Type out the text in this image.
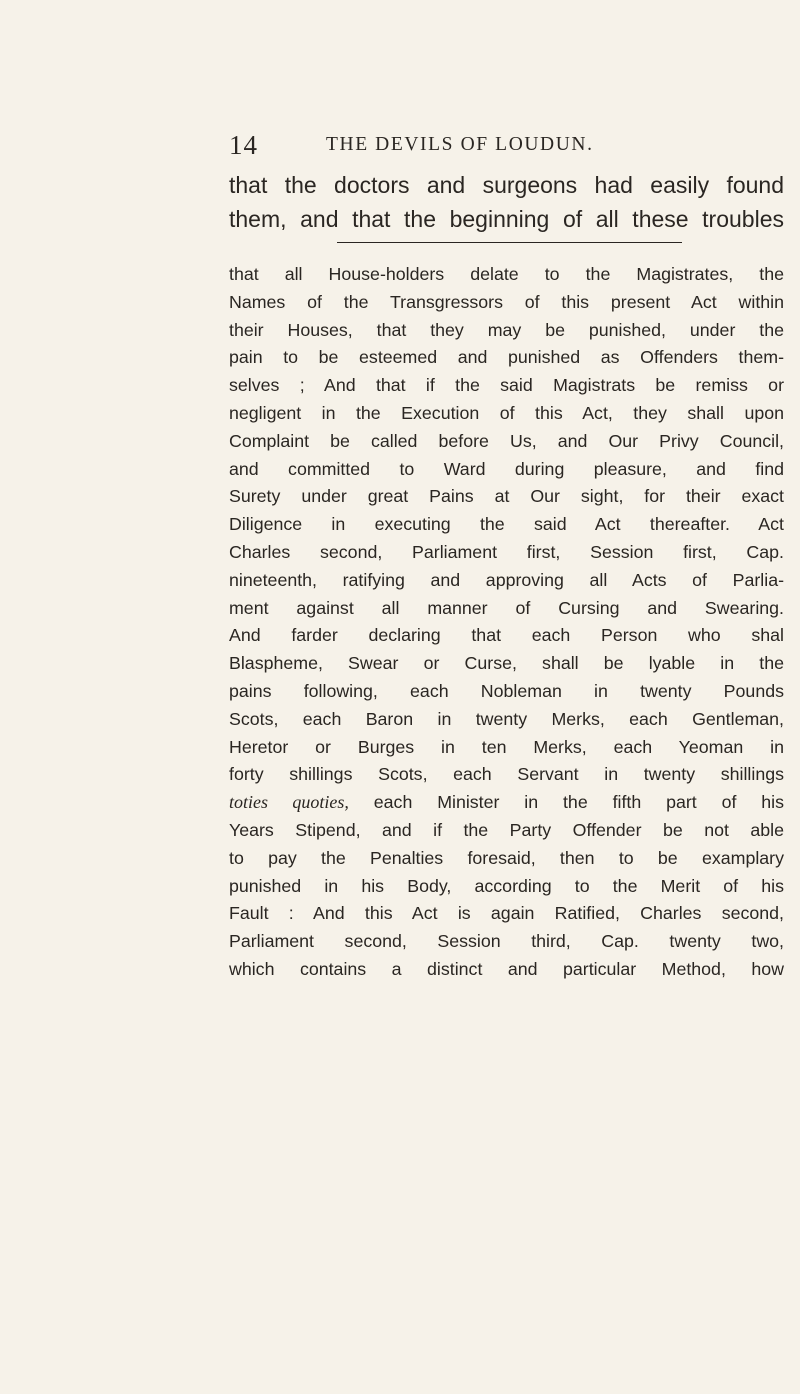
14	THE DEVILS OF LOUDUN.
that the doctors and surgeons had easily found
them, and that the beginning of all these troubles
that all House-holders delate to the Magistrates, the
Names of the Transgressors of this present Act within
their Houses, that they may be punished, under the
pain to be esteemed and punished as Offenders them-
selves ; And that if the said Magistrats be remiss or
negligent in the Execution of this Act, they shall upon
Complaint be called before Us, and Our Privy Council,
and committed to Ward during pleasure, and find
Surety under great Pains at Our sight, for their exact
Diligence in executing the said Act thereafter. Act
Charles second, Parliament first, Session first, Cap.
nineteenth, ratifying and approving all Acts of Parlia-
ment against all manner of Cursing and Swearing.
And farder declaring that each Person who shal
Blaspheme, Swear or Curse, shall be lyable in the
pains following, each Nobleman in twenty Pounds
Scots, each Baron in twenty Merks, each Gentleman,
Heretor or Burges in ten Merks, each Yeoman in
forty shillings Scots, each Servant in twenty shillings
toties quoties, each Minister in the fifth part of his
Years Stipend, and if the Party Offender be not able
to pay the Penalties foresaid, then to be examplary
punished in his Body, according to the Merit of his
Fault : And this Act is again Ratified, Charles second,
Parliament second, Session third, Cap. twenty two,
which contains a distinct and particular Method, how
